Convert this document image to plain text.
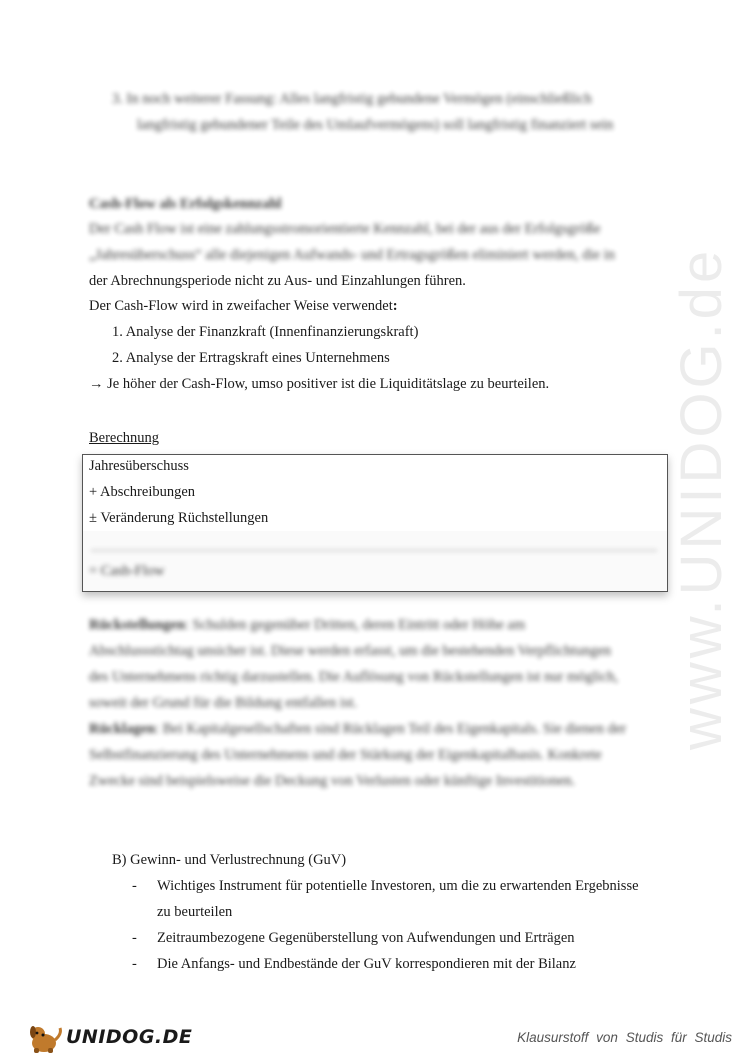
www.UNIDOG.de
3. In noch weiterer Fassung: Alles langfristig gebundene Vermögen (einschließlich
langfristig gebundener Teile des Umlaufvermögens) soll langfristig finanziert sein
Cash-Flow als Erfolgskennzahl
Der Cash Flow ist eine zahlungsstromorientierte Kennzahl, bei der aus der Erfolgsgröße
„Jahresüberschuss“ alle diejenigen Aufwands- und Ertragsgrößen eliminiert werden, die in
der Abrechnungsperiode nicht zu Aus- und Einzahlungen führen.
Der Cash-Flow wird in zweifacher Weise verwendet:
1. Analyse der Finanzkraft (Innenfinanzierungskraft)
2. Analyse der Ertragskraft eines Unternehmens
→ Je höher der Cash-Flow, umso positiver ist die Liquiditätslage zu beurteilen.
Berechnung
Jahresüberschuss
+ Abschreibungen
± Veränderung Rüchstellungen
= Cash-Flow
Rückstellungen: Schulden gegenüber Dritten, deren Eintritt oder Höhe am
Abschlussstichtag unsicher ist. Diese werden erfasst, um die bestehenden Verpflichtungen
des Unternehmens richtig darzustellen. Die Auflösung von Rückstellungen ist nur möglich,
soweit der Grund für die Bildung entfallen ist.
Rücklagen: Bei Kapitalgesellschaften sind Rücklagen Teil des Eigenkapitals. Sie dienen der
Selbstfinanzierung des Unternehmens und der Stärkung der Eigenkapitalbasis. Konkrete
Zwecke sind beispielsweise die Deckung von Verlusten oder künftige Investitionen.
B) Gewinn- und Verlustrechnung (GuV)
- Wichtiges Instrument für potentielle Investoren, um die zu erwartenden Ergebnisse
zu beurteilen
- Zeitraumbezogene Gegenüberstellung von Aufwendungen und Erträgen
- Die Anfangs- und Endbestände der GuV korrespondieren mit der Bilanz
UNIDOG.DE	Klausurstoff von Studis für Studis
